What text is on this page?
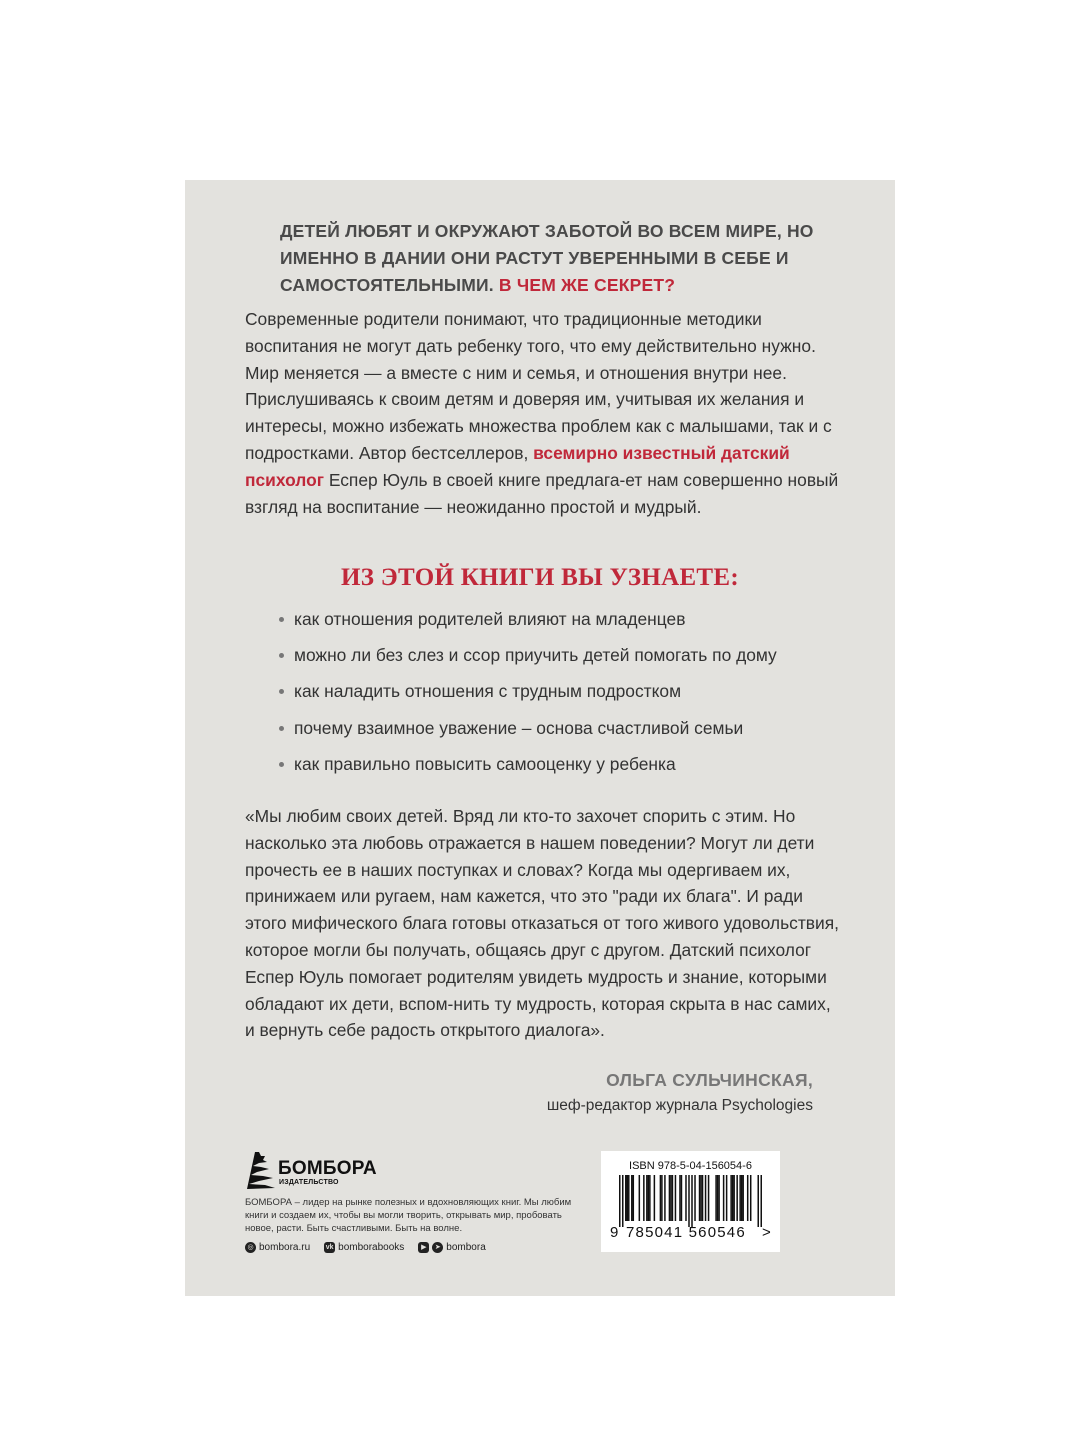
ДЕТЕЙ ЛЮБЯТ И ОКРУЖАЮТ ЗАБОТОЙ ВО ВСЕМ МИРЕ, НО ИМЕННО В ДАНИИ ОНИ РАСТУТ УВЕРЕННЫМИ В СЕБЕ И САМОСТОЯТЕЛЬНЫМИ. В ЧЕМ ЖЕ СЕКРЕТ?

Современные родители понимают, что традиционные методики воспитания не могут дать ребенку того, что ему действительно нужно. Мир меняется — а вместе с ним и семья, и отношения внутри нее. Прислушиваясь к своим детям и доверяя им, учитывая их желания и интересы, можно избежать множества проблем как с малышами, так и с подростками. Автор бестселлеров, всемирно известный датский психолог Еспер Юуль в своей книге предлага-ет нам совершенно новый взгляд на воспитание — неожиданно простой и мудрый.

ИЗ ЭТОЙ КНИГИ ВЫ УЗНАЕТЕ:
как отношения родителей влияют на младенцев
можно ли без слез и ссор приучить детей помогать по дому
как наладить отношения с трудным подростком
почему взаимное уважение – основа счастливой семьи
как правильно повысить самооценку у ребенка

«Мы любим своих детей. Вряд ли кто-то захочет спорить с этим. Но насколько эта любовь отражается в нашем поведении? Могут ли дети прочесть ее в наших поступках и словах? Когда мы одергиваем их, принижаем или ругаем, нам кажется, что это "ради их блага". И ради этого мифического блага готовы отказаться от того живого удовольствия, которое могли бы получать, общаясь друг с другом. Датский психолог Еспер Юуль помогает родителям увидеть мудрость и знание, которыми обладают их дети, вспом-нить ту мудрость, которая скрыта в нас самих, и вернуть себе радость открытого диалога».

ОЛЬГА СУЛЬЧИНСКАЯ,

шеф-редактор журнала Psychologies

БОМБОРА
ИЗДАТЕЛЬСТВО

БОМБОРА – лидер на рынке полезных и вдохновляющих книг. Мы любим книги и создаем их, чтобы вы могли творить, открывать мир, пробовать новое, расти. Быть счастливыми. Быть на волне.

◎ bombora.ru vk bomborabooks	▶	➤ bombora
ISBN 978-5-04-156054-6
9 785041 560546 >
